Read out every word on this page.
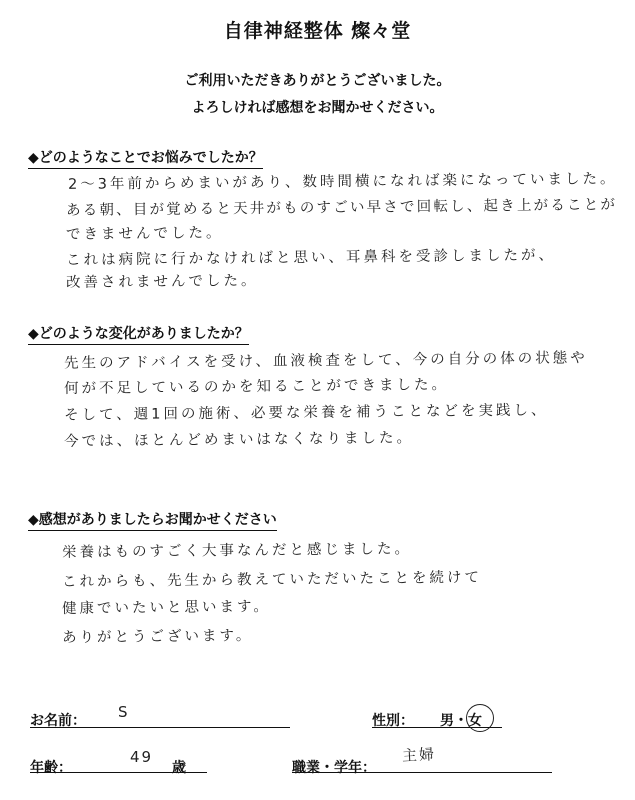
自律神経整体 燦々堂
ご利用いただきありがとうございました。
よろしければ感想をお聞かせください。
◆どのようなことでお悩みでしたか？
2〜3年前からめまいがあり、数時間横になれば楽になっていました。
ある朝、目が覚めると天井がものすごい早さで回転し、起き上がることが
できませんでした。
これは病院に行かなければと思い、耳鼻科を受診しましたが、
改善されませんでした。
◆どのような変化がありましたか？
先生のアドバイスを受け、血液検査をして、今の自分の体の状態や
何が不足しているのかを知ることができました。
そして、週1回の施術、必要な栄養を補うことなどを実践し、
今では、ほとんどめまいはなくなりました。
◆感想がありましたらお聞かせください
栄養はものすごく大事なんだと感じました。
これからも、先生から教えていただいたことを続けて
健康でいたいと思います。
ありがとうございます。
お名前： S	性別： 男・女
年齢：
49
歳	職業・学年：
主婦
